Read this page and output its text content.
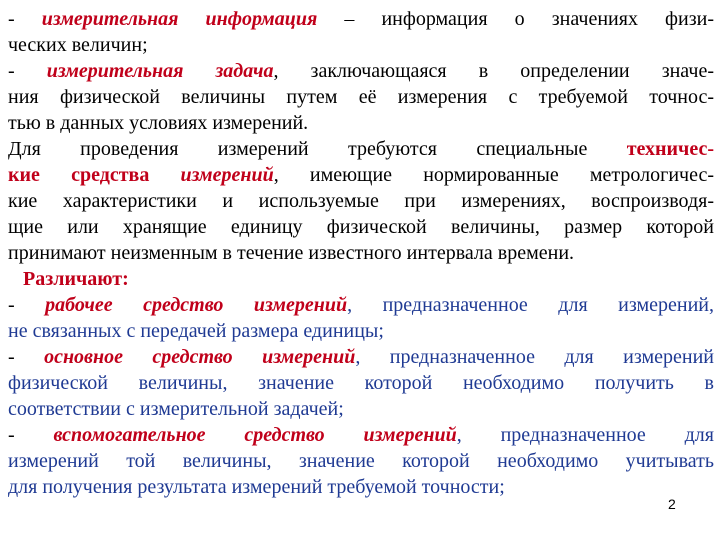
- измерительная информация – информация о значениях физи-
ческих величин;
- измерительная задача, заключающаяся в определении значе-
ния физической величины путем её измерения с требуемой точнос-
тью в данных условиях измерений.
Для проведения измерений требуются специальные техничес-
кие средства измерений, имеющие нормированные метрологичес-
кие характеристики и используемые при измерениях, воспроизводя-
щие или хранящие единицу физической величины, размер которой
принимают неизменным в течение известного интервала времени.
Различают:
- рабочее средство измерений, предназначенное для измерений,
не связанных с передачей размера единицы;
- основное средство измерений, предназначенное для измерений
физической величины, значение которой необходимо получить в
соответствии с измерительной задачей;
- вспомогательное средство измерений, предназначенное для
измерений той величины, значение которой необходимо учитывать
для получения результата измерений требуемой точности;
2
